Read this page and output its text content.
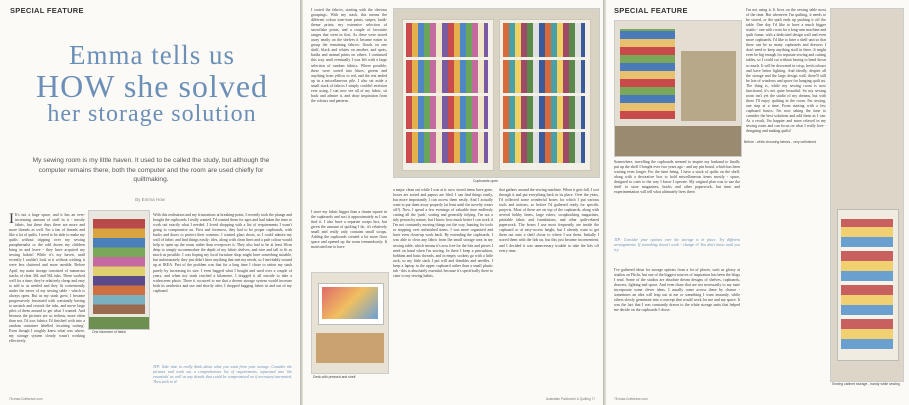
SPECIAL FEATURE
Emma tells us
HOW she solved
her storage solution
My sewing room is my little haven. It used to be called the study, but although the computer remains there, both the computer and the room are used chiefly for quiltmaking.
By Emma How
I It's not a huge space, and it has an ever-increasing amount of stuff in it - mostly fabric, but these days there are more and more threads as well. I'm a fan of threads and like a lot of quilts. I need to be able to make my quilts without tripping over my sewing paraphernalia or the odd dozen my children bring in and leave - they have acquired my sewing habits! While it's my haven, until recently I couldn't look at it without wishing it were less cluttered and more useable. Before April, my main storage consisted of numerous stacks of clear 36L and 56L tubs. These worked well for a time; they're relatively cheap and easy to add to as needed and they fit conveniently under the eaves of my sewing table - which is always open. But as my stash grew, I became progressively frustrated with constantly having to unstack and restack the tubs, and move large piles of them around to get what I wanted. And because the pictures are so tedious, more often than not, I'd toss fabrics I'd finished with into a random container labelled 'awaiting sorting'. Even though I roughly knew what was where, my storage system clearly wasn't working effectively.
One kilometre of fabric
With this realisation and my frustrations at breaking-point, I recently took the plunge and bought the cupboards I really wanted. I'd wanted them for ages and had taken the time to work out exactly what I needed. I loved shopping with a list of requirements I wasn't going to compromise on. First and foremost, they had to be proper cupboards, with backs and doors to protect their contents. I wanted glass doors, so I could admire my wall of fabric and find things easily; tiles, along with clean lines and a pale colour would help to open up the room rather than overpower it. They also had to be at least 30cm deep to simply accommodate the depth of my fabric shelves, and nice and tall to fit as much as possible. I was hoping my local furniture shop might have something suitable, but unfortunately they just didn't have anything that met my needs, so I inevitably wound up at IKEA. Part of the problem was that for a long time I chose to ration my stash purely by increasing its size. I even bagged what I bought and used over a couple of years, and when my stash reached a kilometre, I dragged it all outside to take a widescreen photo. There it occurred to me that a decent storage system would increase both its aesthetics and use and shortly after, I dropped bagging fabric in and out of my cupboard.
TIP: Take time to really think about what you want from your storage. Consider the pictures and work out a comprehensive list of requirements, separated into 'the essentials' as well as any details that could be compromised on if necessary/warranted. Then stick to it!
76 www.Craftcraze.com
I sorted the fabrics, starting with the obvious groupings. With my stash, this means the different colour tone-tone prints, stripes, batik-theme prints, my extensive selection of snowflake prints, and a couple of favourite ranges that went in first. As these were stored away neatly on the shelves it became easier to group the remaining fabrics: florals on one shelf, black and whites on another, and spots, batiks and animal prints on others. I continued this way until eventually I was left with a large selection of random fabrics. Where possible, these were sorted into blues, greens and anything from yellow to red, and the rest ended up in a miscellaneous pile. I also set aside a small stack of fabrics I simply couldn't envision ever using. I can now see all of my fabric, sit back and admire it, and draw inspiration from the colours and patterns.
I store my fabric bigger than a charm square in the cupboards and sort it approximately as I can find it. I also have a separate scraps box, but given the amount of quilting I do, it's relatively small and really only contains small scraps. Adding the cupboards created a lot more floor space and opened up the room tremendously. It motivated me to have
Cupboards open
a major clean out while I was at it: now stored items have gone, boxes are sorted and papers are filed. I can find things easily, but more importantly I can access them easily. And I actually want to put them away properly (at least until the novelty wears off!). Now, I spend a few evenings of valuable time endlessly cutting all the 'junk', sorting and generally tidying. I'm not a tidy person by nature, but I know how much better I can work if I'm not constantly moving things out the way, hunting for tools or stepping over unfinished items. I was more organised and have even clean-up work back. By extending the cupboards, I was able to clear any fabric from the small storage area in my sewing table, which means it's now free for the bits and pieces I need on hand when I'm sewing. In there I keep a pincushion, bobbins and basic threads, and in empty sockets go with a little rack, so my little stack I pin will and thimbles and needles. I keep a laptop in the upper cupboard rather than a small plastic tub - this is absolutely essential, because it's specifically there to cater to my sewing habits.
that gathers around the sewing machine. When it gets full, I sort through it and put everything back in its place. Over the years, I'd collected some wonderful boxes for which I put various tools and notions, so before I'd gathered ready for specific projects. Most of these are on top of the cupboards, along with several hobby items, large rulers, scrapbooking magazines, printable fabric and foundations, and other quilt-related paperwork. The boxes I use most frequently are inside the cupboard or at easy-access height, but I already want to get them out onto a shelf closer to where I use them. Initially I stored them with the lids on, but this just became inconvenient, and I decided it was unnecessary trouble to take the lids off every time.
Desk with pressed and shelf
Australian Patchwork & Quilting 77
SPECIAL FEATURE
Before - while choosing fabrics - very unfinished
Somewhere, travelling the cupboards seemed to inspire my husband to finally put up the shelf I bought ever two years ago - and my pin board, which has been waiting even longer. For the time being, I have a stack of quilts on the shelf, along with a decorative box to hold miscellaneous items mostly - space, designed to cater to the way I know I operate. My original plan was to use the shelf to store magazines, books and other paperwork, but time and experimentation will tell what ultimately lives there.
TIP: Consider your options over the storage is in place. Try different arrangements. If something doesn't work - change it! You don't know until you try.
I've gathered ideas for storage options from a lot of places, such as glossy at studios on Flickr, but one of the biggest sources of inspiration has been the blogs I read. Some of the studios are absolute dream designs of shelves, cupboards, drawers, lighting and space. And even those that are not necessarily to my taste incorporate some clever ideas. I usually come across these by chance - sometimes an idea will leap out at me or something I want instantly, while others slowly germinate into a concept that would work for me and my space. It was the fact that I was constantly drawn to the white storage units that helped me decide on the cupboards I chose.
I'm not using it. It lives on the sewing table most of the time. But whenever I'm quilting, it needs to be stored, or the quilt ends up pushing it off the table. One day I'd like to have a much bigger studio - one with room for a long-arm machine and quilt frame, with a dedicated design wall and even more cupboards. I'd like to have a shelf unit so that there can be so many cupboards and drawers I don't need to keep anything stuff in there. It might even be big enough for separate sewing and cutting tables, so I could cut without having to bend down so much. It will be decorated in crisp, fresh colours and have better lighting. And ideally, despite all the storage and the large design wall, there'll still be lots of windows and space for hanging quilt art. The thing is, while my sewing room is now functional, it's not quite beautiful. So my sewing room isn't yet the studio of my dreams, but with these I'll enjoy quilting in the room. I'm sewing, one step at a time. From starting with a few cupboard basics, I'm now taking the time to consider the best solutions and add them as I can. As a result, I'm happier and more relaxed in my sewing room and can focus on what I really love - designing and making quilts!
Sewing cabinet storage - handy while sewing
78 www.Craftcraze.com
